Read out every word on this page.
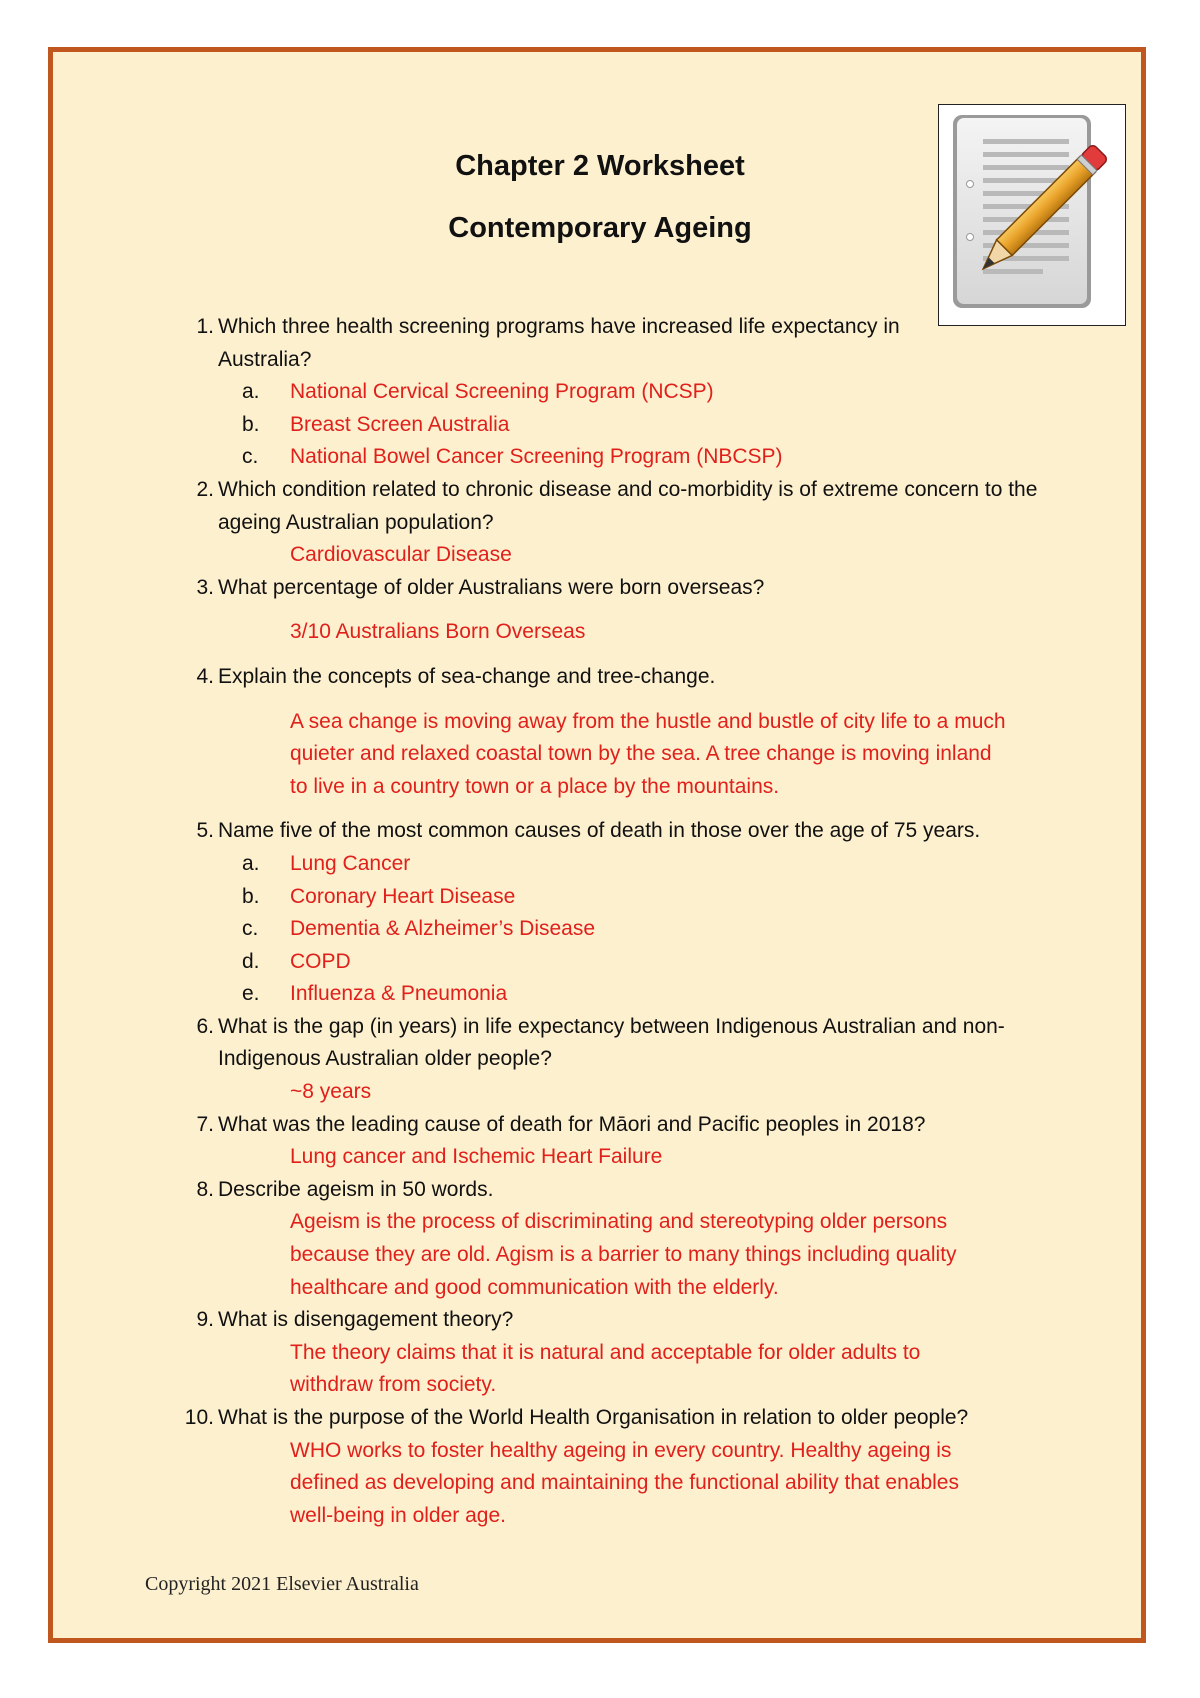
Chapter 2 Worksheet
Contemporary Ageing
1. Which three health screening programs have increased life expectancy in Australia?
a.	National Cervical Screening Program (NCSP)
b.	Breast Screen Australia
c.	National Bowel Cancer Screening Program (NBCSP)
2. Which condition related to chronic disease and co-morbidity is of extreme concern to the ageing Australian population?
Cardiovascular Disease
3. What percentage of older Australians were born overseas?
3/10 Australians Born Overseas
4. Explain the concepts of sea-change and tree-change.
A sea change is moving away from the hustle and bustle of city life to a much quieter and relaxed coastal town by the sea. A tree change is moving inland to live in a country town or a place by the mountains.
5. Name five of the most common causes of death in those over the age of 75 years.
a.	Lung Cancer
b.	Coronary Heart Disease
c.	Dementia & Alzheimer’s Disease
d.	COPD
e.	Influenza & Pneumonia
6. What is the gap (in years) in life expectancy between Indigenous Australian and non-Indigenous Australian older people?
~8 years
7. What was the leading cause of death for Māori and Pacific peoples in 2018?
Lung cancer and Ischemic Heart Failure
8. Describe ageism in 50 words.
Ageism is the process of discriminating and stereotyping older persons because they are old. Agism is a barrier to many things including quality healthcare and good communication with the elderly.
9. What is disengagement theory?
The theory claims that it is natural and acceptable for older adults to withdraw from society.
10. What is the purpose of the World Health Organisation in relation to older people?
WHO works to foster healthy ageing in every country. Healthy ageing is defined as developing and maintaining the functional ability that enables well-being in older age.
Copyright 2021 Elsevier Australia
